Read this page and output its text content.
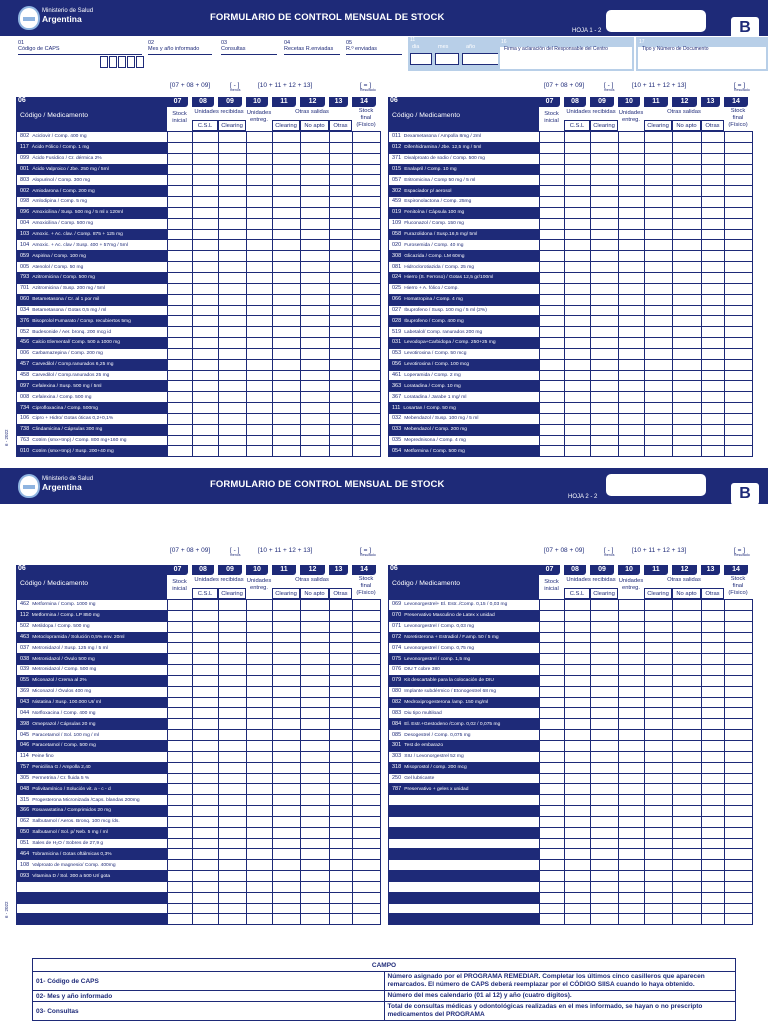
Ministerio de Salud
Argentina	FORMULARIO DE CONTROL MENSUAL DE STOCK
HOJA 1 - 2	B
01
Código de CAPS
02
Mes y año informado
03
Consultas
04
Recetas R.enviadas
05
R.º enviadas
11
dia	mes	año
16
Firma y aclaración del Responsable del Centro
17
Tipo y Número de Documento
[07 + 08 + 09]	[ - ]
menos
[10 + 11 + 12 + 13]	[ = ]
Resultado
[07 + 08 + 09]	[ - ]
menos
[10 + 11 + 12 + 13]	[ = ]
Resultado
06
Código / Medicamento
07	08	09	10	11	12	13	14
Stock
inicial
Unidades recibidas
C.S.L	Clearing
Unidades
entreg.
Otras salidas
Clearing	No apto	Otras
Stock
final
(Físico)
06
Código / Medicamento
07	08	09	10	11	12	13	14
Stock
inicial
Unidades recibidas
C.S.L	Clearing
Unidades
entreg.
Otras salidas
Clearing	No apto	Otras
Stock
final
(Físico)
802 Aciclovir / Comp. 400 mg								
117 Ácido Fólico / Comp. 1 mg								
099 Ácido Fusídico / Cr. dérmica 2%								
001 Ácido Valproico / Jbe. 250 mg / 5ml								
803 Alopurinol / Comp. 300 mg								
002 Amiodarona / Comp. 200 mg								
098 Amlodipina / Comp. 5 mg								
096 Amoxicilina / Susp. 500 mg / 5 ml x 120ml								
004 Amoxicilina / Comp. 500 mg								
103 Amoxic. + Ac. clav. / Comp. 875 + 125 mg								
104 Amoxic. + Ac. clav / Susp. 400 + 57mg / 5ml								
059 Aspirina / Comp. 100 mg								
005 Atenolol / Comp. 50 mg								
793 Azitromicina / Comp. 500 mg								
701 Azitromicina / Susp. 200 mg / 5ml								
060 Betametasona / Cr. al 1 por mil								
034 Betametasona / Gotas 0,5 mg / ml								
376 Bisoprolol Fumarato / Comp. recubiertos 5mg								
052 Budesonide / Aer. bronq. 200 mcg id								
456 Calcio Elemental/ Comp. 500 a 1000 mg								
006 Carbamazepina / Comp. 200 mg								
457 Carvedilol / Comp.ranurados 6,25 mg								
458 Carvedilol / Comp.ranurados 25 mg								
097 Cefalexina / Susp. 500 mg / 5ml								
008 Cefalexina / Comp. 500 mg								
734 Ciprofloxacina / Comp. 500mg								
106 Cipro + Hidro/ Gotas óticas 0,2+0,1%								
738 Clindamicina / Cápsulas 300 mg								
763 Cotrim (smx+tmp) / Comp. 800 mg+160 mg								
010 Cotrim (smx+tmp) / Susp. 200+40 mg								
011 Dexametasona / Ampolla 8mg / 2ml								
012 Difenhidramina / Jbe. 12,5 mg / 5ml								
371 Divalproato de sodio / Comp. 500 mg								
015 Enalapril / Comp. 10 mg								
057 Eritromicina / Comp 50 mg / 5 ml								
302 Espaciador p/ aerosol								
459 Espironolactona / Comp. 25mg								
019 Fenitoína / Cápsula 100 mg								
109 Fluconazol / Comp. 150 mg								
058 Furazolidona / Susp.16,5 mg/ 5ml								
020 Furosemida / Comp. 40 mg								
308 Glicazida / Comp. LM 60mg								
081 Hidroclorotiazida / Comp. 25 mg								
024 Hierro (S. Ferroso) / Gotas 12,5 gr/100ml								
025 Hierro + A. fólico / Comp.								
066 Homatropina / Comp. 4 mg								
027 Ibuprofeno / Susp. 100 mg / 5 ml (2%)								
028 Ibuprofeno / Comp. 400 mg								
519 Labetalol/ Comp. ranurados 200 mg								
031 Levodopa+Carbidopa / Comp. 250+25 mg								
053 Levotiroxina / Comp. 50 mcg								
056 Levotiroxina / Comp. 100 mcg								
461 Loperamida / Comp. 2 mg								
363 Loratadina / Comp. 10 mg								
367 Loratadina / Jarabe 1 mg/ ml								
111 Losartan / Comp. 50 mg								
032 Mebendazol / Susp. 100 mg / 5 ml								
033 Mebendazol / Comp. 200 mg								
035 Meprednisona / Comp. 4 mg								
054 Metformina / Comp. 500 mg								
6 - 2022
Ministerio de Salud
Argentina	FORMULARIO DE CONTROL MENSUAL DE STOCK
HOJA 2 - 2	B
[07 + 08 + 09]	[ - ]
menos
[10 + 11 + 12 + 13]	[ = ]
Resultado
[07 + 08 + 09]	[ - ]
menos
[10 + 11 + 12 + 13]	[ = ]
Resultado
06
Código / Medicamento
07	08	09	10	11	12	13	14
Stock
inicial
Unidades recibidas
C.S.L	Clearing
Unidades
entreg.
Otras salidas
Clearing	No apto	Otras
Stock
final
(Físico)
06
Código / Medicamento
07	08	09	10	11	12	13	14
Stock
inicial
Unidades recibidas
C.S.L	Clearing
Unidades
entreg.
Otras salidas
Clearing	No apto	Otras
Stock
final
(Físico)
462 Metformina / Comp. 1000 mg								
112 Metformina / Comp. LP 850 mg								
502 Metildopa / Comp. 500 mg								
463 Metoclopramida / Solución 0,5% env. 20ml								
037 Metronidazol / Susp. 125 mg / 5 ml								
038 Metronidazol / Óvulo 500 mg								
039 Metronidazol / Comp. 500 mg								
055 Miconazol / Crema al 2%								
369 Miconazol / Óvulos 400 mg								
043 Nistatina / Susp. 100.000 UI/ ml								
044 Norfloxacina / Comp. 400 mg								
398 Omeprazol / Cápsulas 20 mg								
045 Paracetamol / Sol. 100 mg / ml								
046 Paracetamol / Comp. 500 mg								
114 Peine fino								
757 Penicilina G / Ampolla 2,40								
305 Permetrina / Cr. fluida 5 %								
048 Polivitamínico / Solución vit. a - c - d								
315 Progesterona Micronizada /Caps. blandas 200mg								
366 Rosuvastatina / Comprimidos 20 mg								
062 Salbutamol / Aeros. Bronq. 100 mcg /ds.								
050 Salbutamol / Sol. p/ Neb. 5 mg / ml								
051 Sales de H₂O / Sobres de 27,9 g								
464 Tobramicina / Gotas oftálmicas 0,3%								
108 Valproato de magnesio/ Comp. 400mg								
093 Vitamina D / Sol. 300 a 500 UI/ gota								

069 Levonorgestrel+ El. Estr../Comp. 0,15 / 0,03 mg								
070 Preservativo Masculino de Latex x unidad								
071 Levonorgestrel / Comp. 0,03 mg								
072 Noretisterona + Estradiol / F.amp. 50 / 5 mg								
074 Levonorgestrel / Comp. 0,75 mg								
075 Levonorgestrel / comp. 1,5 mg								
076 DIU T cobre 380								
079 Kit descartable para la colocación de DIU								
080 Implante subdérmico / Etonogestrel 68 mg								
082 Medroxiprogesterona /amp. 150 mg/ml								
083 Diu tipo multiload								
084 El. Estr.+Gestodeno /Comp. 0,02 / 0,075 mg								
085 Desogestrel / Comp. 0,075 mg								
301 Test de embarazo								
303 SIU / Levonorgestrel 52 mg								
318 Misoprostol / comp. 200 mcg								
250 Gel lubricante								
787 Preservativo + geles x unidad								

6 - 2022
CAMPO	
01- Código de CAPS	Número asignado por el PROGRAMA REMEDIAR. Completar los últimos cinco casilleros que aparecen remarcados. El número de CAPS deberá reemplazar por el CÓDIGO SIISA cuando lo haya obtenido.
02- Mes y año informado	Número del mes calendario (01 al 12) y año (cuatro dígitos).
03- Consultas	Total de consultas médicas y odontológicas realizadas en el mes informado, se hayan o no prescripto medicamentos del PROGRAMA
